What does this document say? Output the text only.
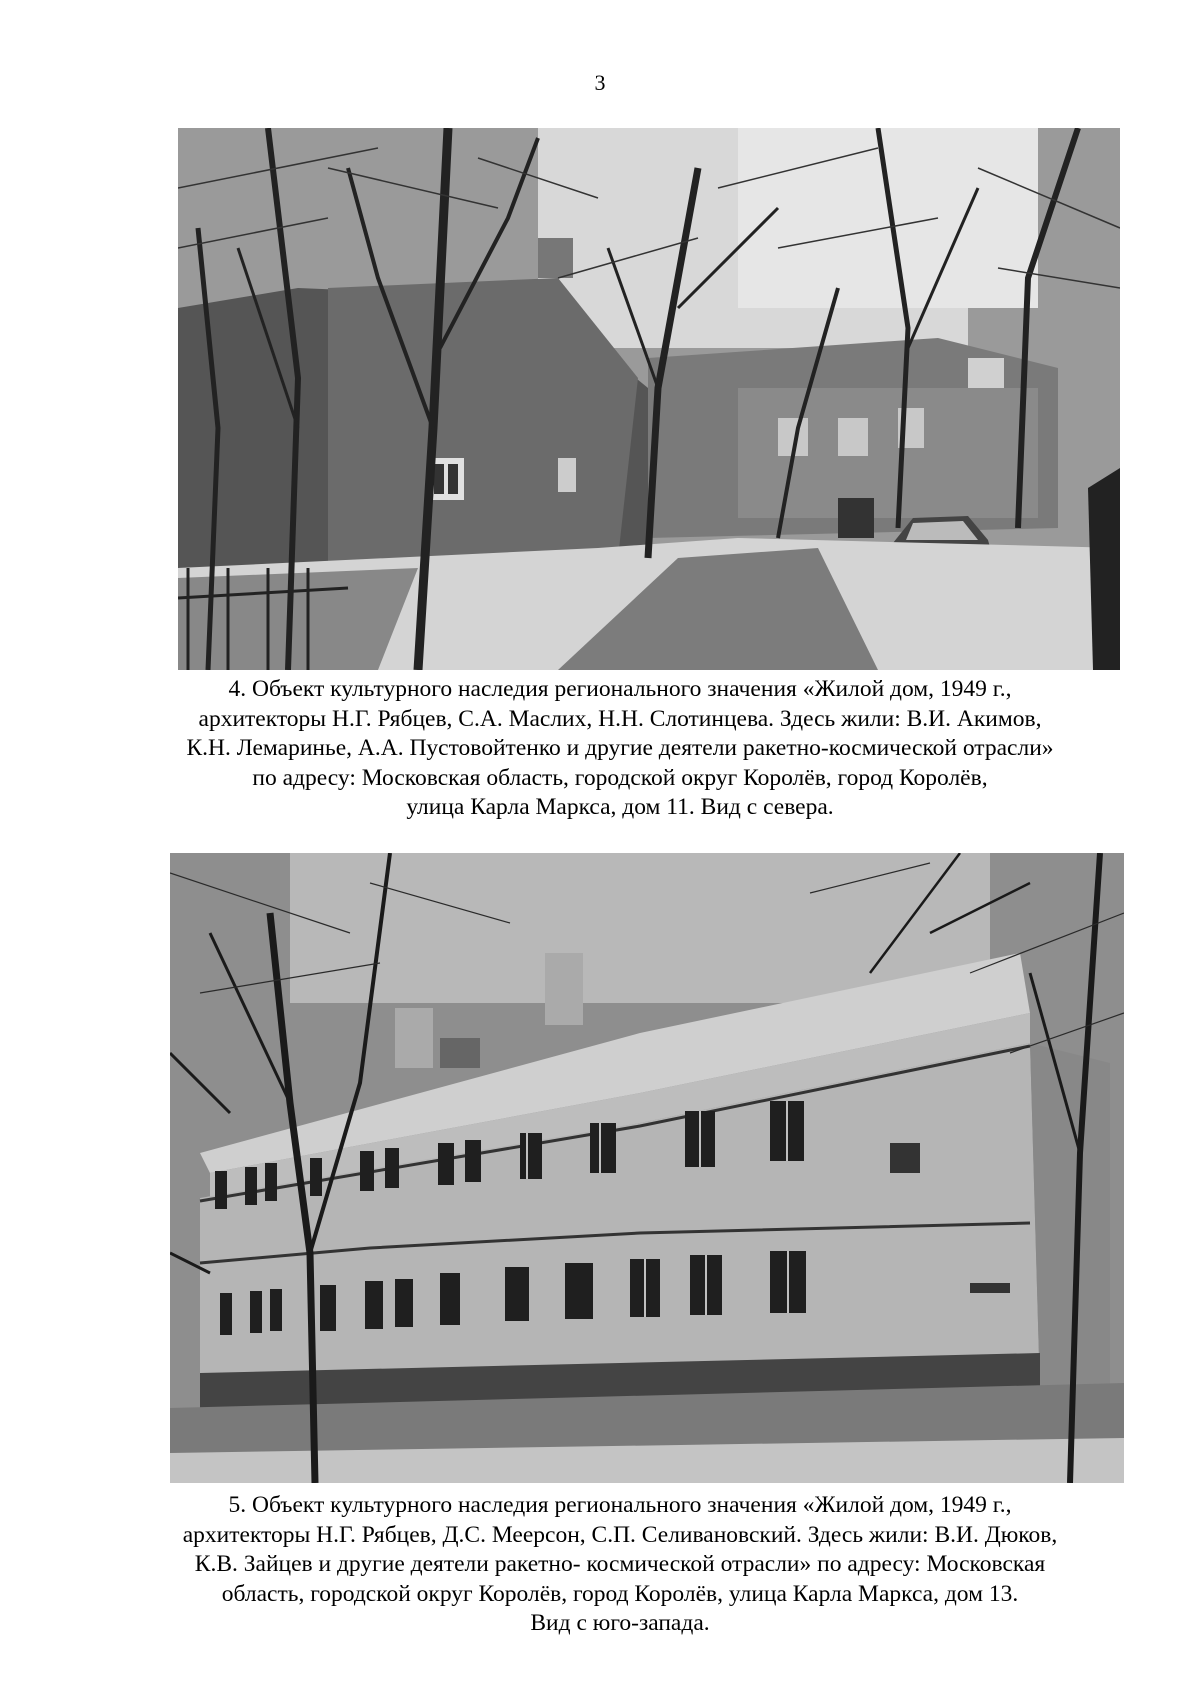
3
4. Объект культурного наследия регионального значения «Жилой дом, 1949 г.,
архитекторы Н.Г. Рябцев, С.А. Маслих, Н.Н. Слотинцева. Здесь жили: В.И. Акимов,
К.Н. Лемаринье, А.А. Пустовойтенко и другие деятели ракетно-космической отрасли»
по адресу: Московская область, городской округ Королёв, город Королёв,
улица Карла Маркса, дом 11. Вид с севера.
5. Объект культурного наследия регионального значения «Жилой дом, 1949 г.,
архитекторы Н.Г. Рябцев, Д.С. Меерсон, С.П. Селивановский. Здесь жили: В.И. Дюков,
К.В. Зайцев и другие деятели ракетно- космической отрасли» по адресу: Московская
область, городской округ Королёв, город Королёв, улица Карла Маркса, дом 13.
Вид с юго-запада.
